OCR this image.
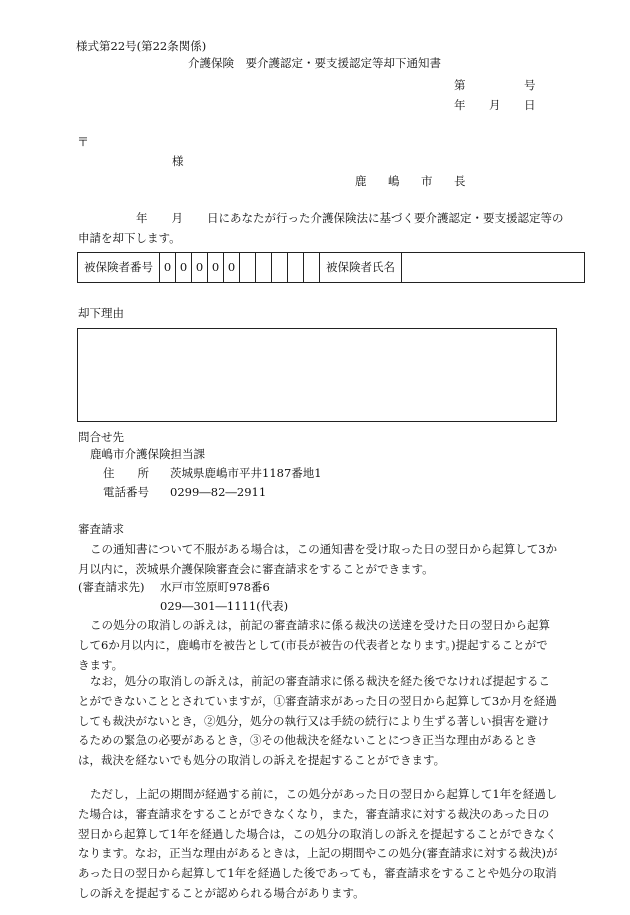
様式第22号(第22条関係)
介護保険　要介護認定・要支援認定等却下通知書
第	号
年 月 日
〒
様
鹿　嶋　市　長
年 月 日にあなたが行った介護保険法に基づく要介護認定・要支援認定等の申請を却下します。
被保険者番号	0	0	0	0	0						被保険者氏名	
却下理由
問合せ先
鹿嶋市介護保険担当課
住　　所 茨城県鹿嶋市平井1187番地1
電話番号 0299―82―2911
審査請求
この通知書について不服がある場合は，この通知書を受け取った日の翌日から起算して3か月以内に，茨城県介護保険審査会に審査請求をすることができます。
(審査請求先) 水戸市笠原町978番6
029―301―1111(代表)
この処分の取消しの訴えは，前記の審査請求に係る裁決の送達を受けた日の翌日から起算して6か月以内に，鹿嶋市を被告として(市長が被告の代表者となります。)提起することができます。
なお，処分の取消しの訴えは，前記の審査請求に係る裁決を経た後でなければ提起することができないこととされていますが，①審査請求があった日の翌日から起算して3か月を経過しても裁決がないとき，②処分，処分の執行又は手続の続行により生ずる著しい損害を避けるための緊急の必要があるとき，③その他裁決を経ないことにつき正当な理由があるときは，裁決を経ないでも処分の取消しの訴えを提起することができます。
ただし，上記の期間が経過する前に，この処分があった日の翌日から起算して1年を経過した場合は，審査請求をすることができなくなり，また，審査請求に対する裁決のあった日の翌日から起算して1年を経過した場合は，この処分の取消しの訴えを提起することができなくなります。なお，正当な理由があるときは，上記の期間やこの処分(審査請求に対する裁決)があった日の翌日から起算して1年を経過した後であっても，審査請求をすることや処分の取消しの訴えを提起することが認められる場合があります。
